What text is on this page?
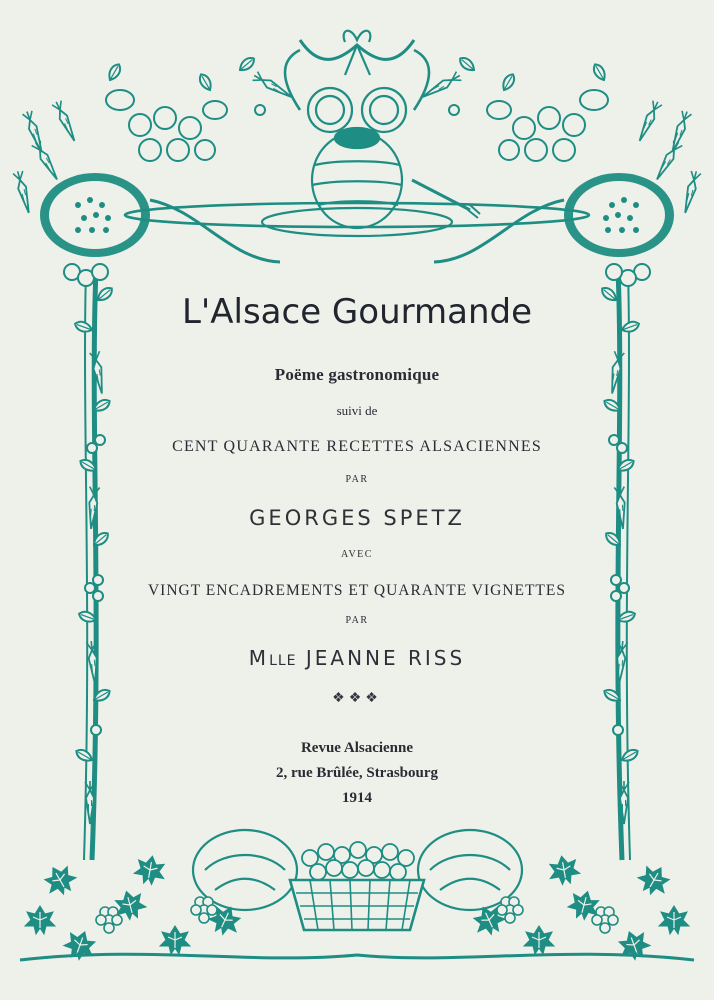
L'Alsace Gourmande
Poëme gastronomique
suivi de
CENT QUARANTE RECETTES ALSACIENNES
PAR
GEORGES SPETZ
AVEC
VINGT ENCADREMENTS ET QUARANTE VIGNETTES
PAR
MLLE JEANNE RISS
❖❖❖
Revue Alsacienne
2, rue Brûlée, Strasbourg
1914
